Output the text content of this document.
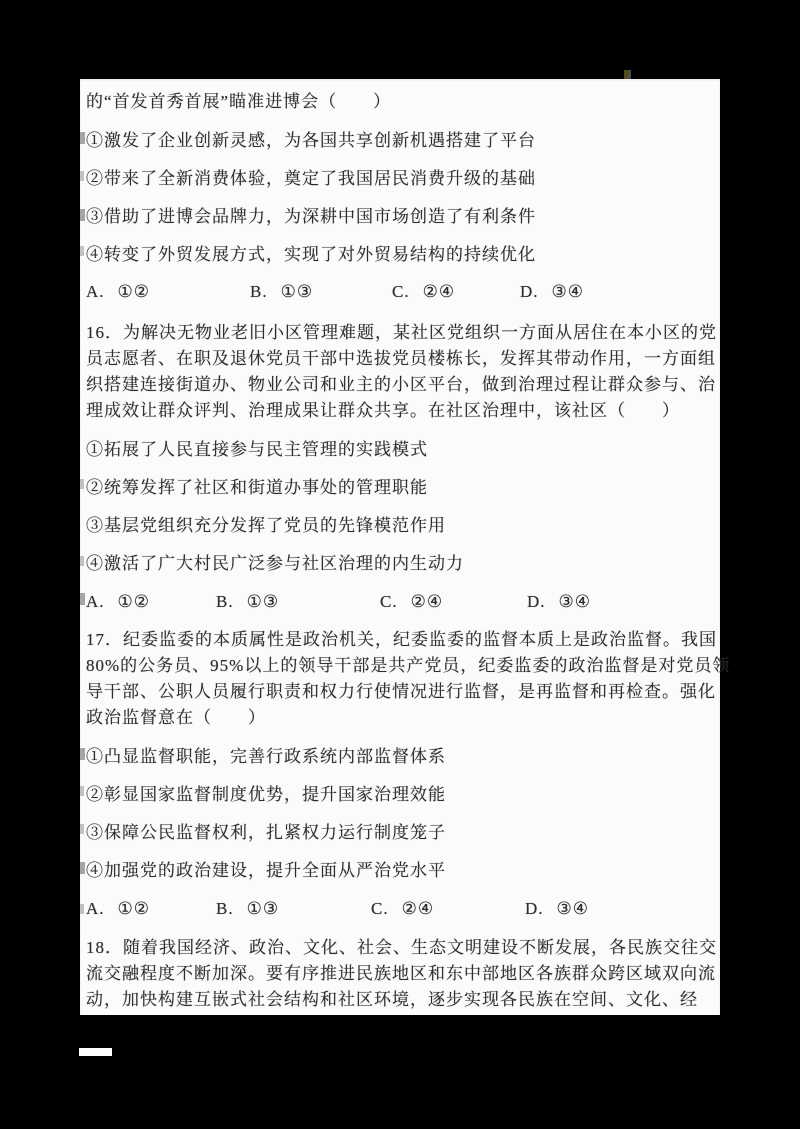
的“首发首秀首展”瞄准进博会（　　）
①激发了企业创新灵感，为各国共享创新机遇搭建了平台
②带来了全新消费体验，奠定了我国居民消费升级的基础
③借助了进博会品牌力，为深耕中国市场创造了有利条件
④转变了外贸发展方式，实现了对外贸易结构的持续优化
A. ①②	B. ①③	C. ②④	D. ③④
16．为解决无物业老旧小区管理难题，某社区党组织一方面从居住在本小区的党
员志愿者、在职及退休党员干部中选拔党员楼栋长，发挥其带动作用，一方面组
织搭建连接街道办、物业公司和业主的小区平台，做到治理过程让群众参与、治
理成效让群众评判、治理成果让群众共享。在社区治理中，该社区（　　）
①拓展了人民直接参与民主管理的实践模式
②统筹发挥了社区和街道办事处的管理职能
③基层党组织充分发挥了党员的先锋模范作用
④激活了广大村民广泛参与社区治理的内生动力
A. ①②	B. ①③	C. ②④	D. ③④
17．纪委监委的本质属性是政治机关，纪委监委的监督本质上是政治监督。我国
80%的公务员、95%以上的领导干部是共产党员，纪委监委的政治监督是对党员领
导干部、公职人员履行职责和权力行使情况进行监督，是再监督和再检查。强化
政治监督意在（　　）
①凸显监督职能，完善行政系统内部监督体系
②彰显国家监督制度优势，提升国家治理效能
③保障公民监督权利，扎紧权力运行制度笼子
④加强党的政治建设，提升全面从严治党水平
A. ①②	B. ①③	C. ②④	D. ③④
18．随着我国经济、政治、文化、社会、生态文明建设不断发展，各民族交往交
流交融程度不断加深。要有序推进民族地区和东中部地区各族群众跨区域双向流
动，加快构建互嵌式社会结构和社区环境，逐步实现各民族在空间、文化、经
